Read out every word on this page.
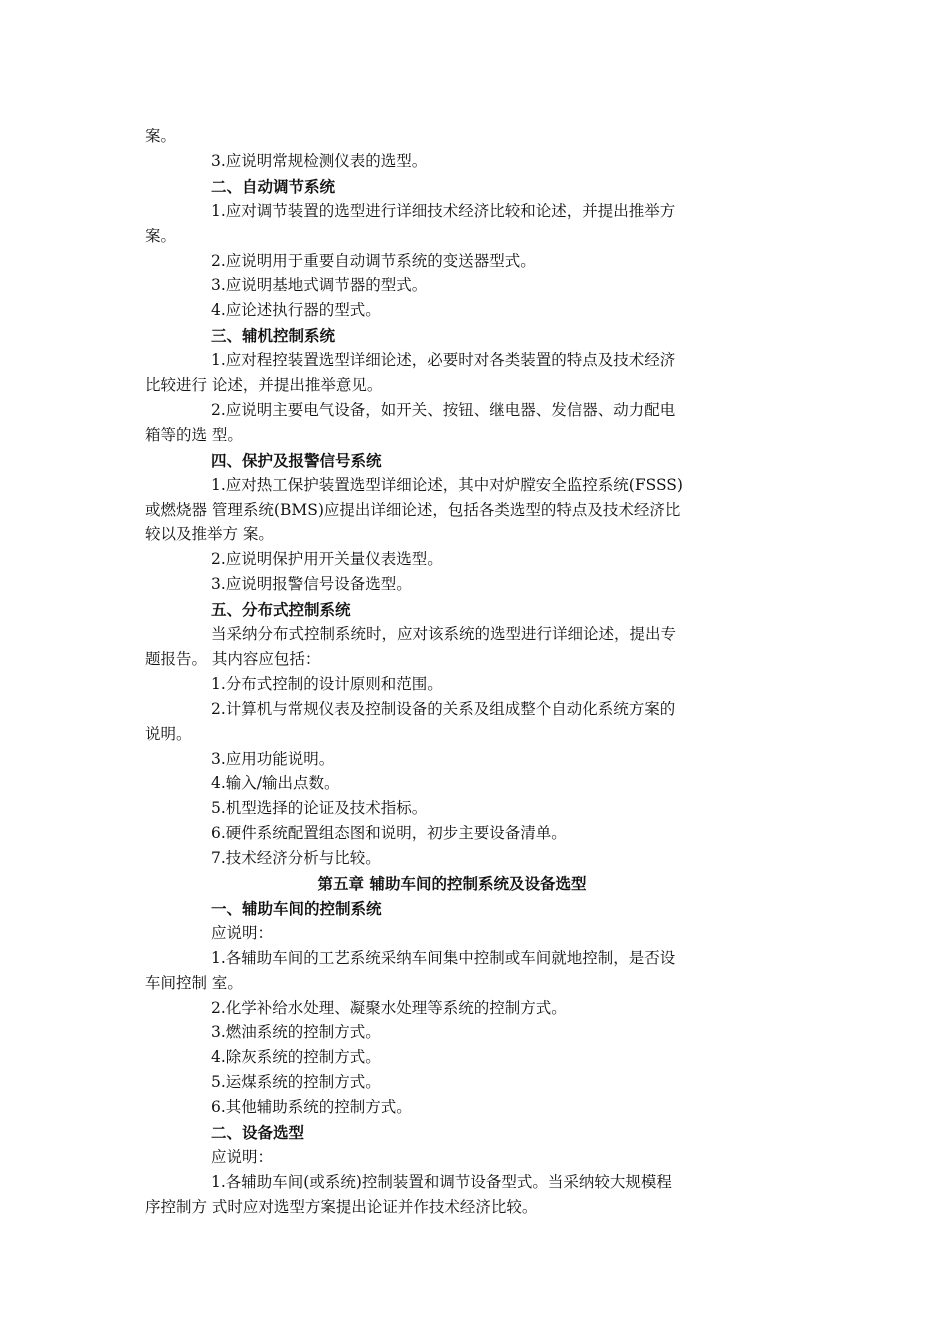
案。
3.应说明常规检测仪表的选型。
二、自动调节系统
1.应对调节装置的选型进行详细技术经济比较和论述，并提出推举方
案。
2.应说明用于重要自动调节系统的变送器型式。
3.应说明基地式调节器的型式。
4.应论述执行器的型式。
三、辅机控制系统
1.应对程控装置选型详细论述，必要时对各类装置的特点及技术经济
比较进行 论述，并提出推举意见。
2.应说明主要电气设备，如开关、按钮、继电器、发信器、动力配电
箱等的选 型。
四、保护及报警信号系统
1.应对热工保护装置选型详细论述，其中对炉膛安全监控系统(FSSS)
或燃烧器 管理系统(BMS)应提出详细论述，包括各类选型的特点及技术经济比
较以及推举方 案。
2.应说明保护用开关量仪表选型。
3.应说明报警信号设备选型。
五、分布式控制系统
当采纳分布式控制系统时，应对该系统的选型进行详细论述，提出专
题报告。 其内容应包括：
1.分布式控制的设计原则和范围。
2.计算机与常规仪表及控制设备的关系及组成整个自动化系统方案的
说明。
3.应用功能说明。
4.输入/输出点数。
5.机型选择的论证及技术指标。
6.硬件系统配置组态图和说明，初步主要设备清单。
7.技术经济分析与比较。
第五章 辅助车间的控制系统及设备选型
一、辅助车间的控制系统
应说明：
1.各辅助车间的工艺系统采纳车间集中控制或车间就地控制，是否设
车间控制 室。
2.化学补给水处理、凝聚水处理等系统的控制方式。
3.燃油系统的控制方式。
4.除灰系统的控制方式。
5.运煤系统的控制方式。
6.其他辅助系统的控制方式。
二、设备选型
应说明：
1.各辅助车间(或系统)控制装置和调节设备型式。当采纳较大规模程
序控制方 式时应对选型方案提出论证并作技术经济比较。
